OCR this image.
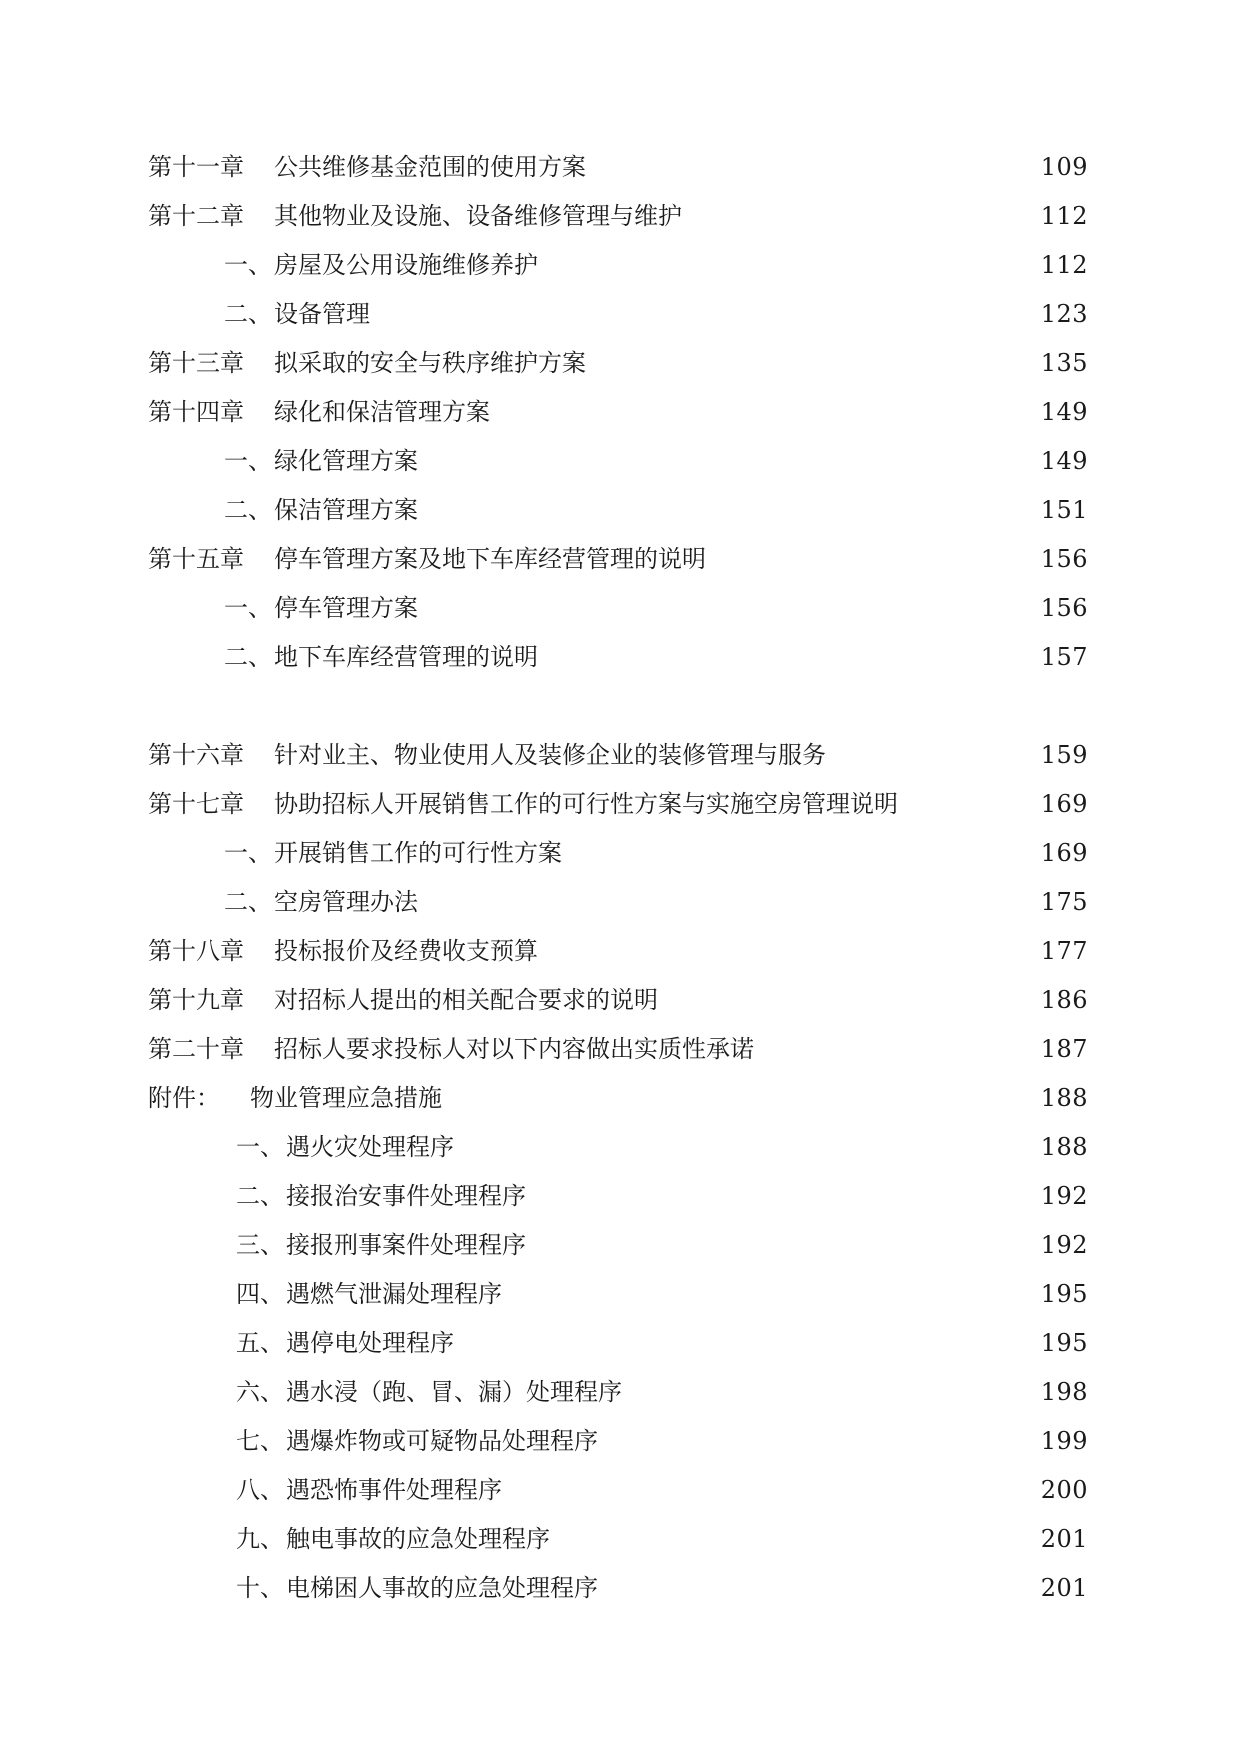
第十一章 公共维修基金范围的使用方案	109
第十二章 其他物业及设施、设备维修管理与维护	112
一、 房屋及公用设施维修养护	112
二、 设备管理	123
第十三章 拟采取的安全与秩序维护方案	135
第十四章 绿化和保洁管理方案	149
一、 绿化管理方案	149
二、 保洁管理方案	151
第十五章 停车管理方案及地下车库经营管理的说明	156
一、 停车管理方案	156
二、 地下车库经营管理的说明	157
第十六章 针对业主、物业使用人及装修企业的装修管理与服务	159
第十七章 协助招标人开展销售工作的可行性方案与实施空房管理说明	169
一、 开展销售工作的可行性方案	169
二、 空房管理办法	175
第十八章 投标报价及经费收支预算	177
第十九章 对招标人提出的相关配合要求的说明	186
第二十章 招标人要求投标人对以下内容做出实质性承诺	187
附件： 物业管理应急措施	188
一、 遇火灾处理程序	188
二、 接报治安事件处理程序	192
三、 接报刑事案件处理程序	192
四、 遇燃气泄漏处理程序	195
五、 遇停电处理程序	195
六、 遇水浸（跑、冒、漏）处理程序	198
七、 遇爆炸物或可疑物品处理程序	199
八、 遇恐怖事件处理程序	200
九、 触电事故的应急处理程序	201
十、 电梯困人事故的应急处理程序	201
